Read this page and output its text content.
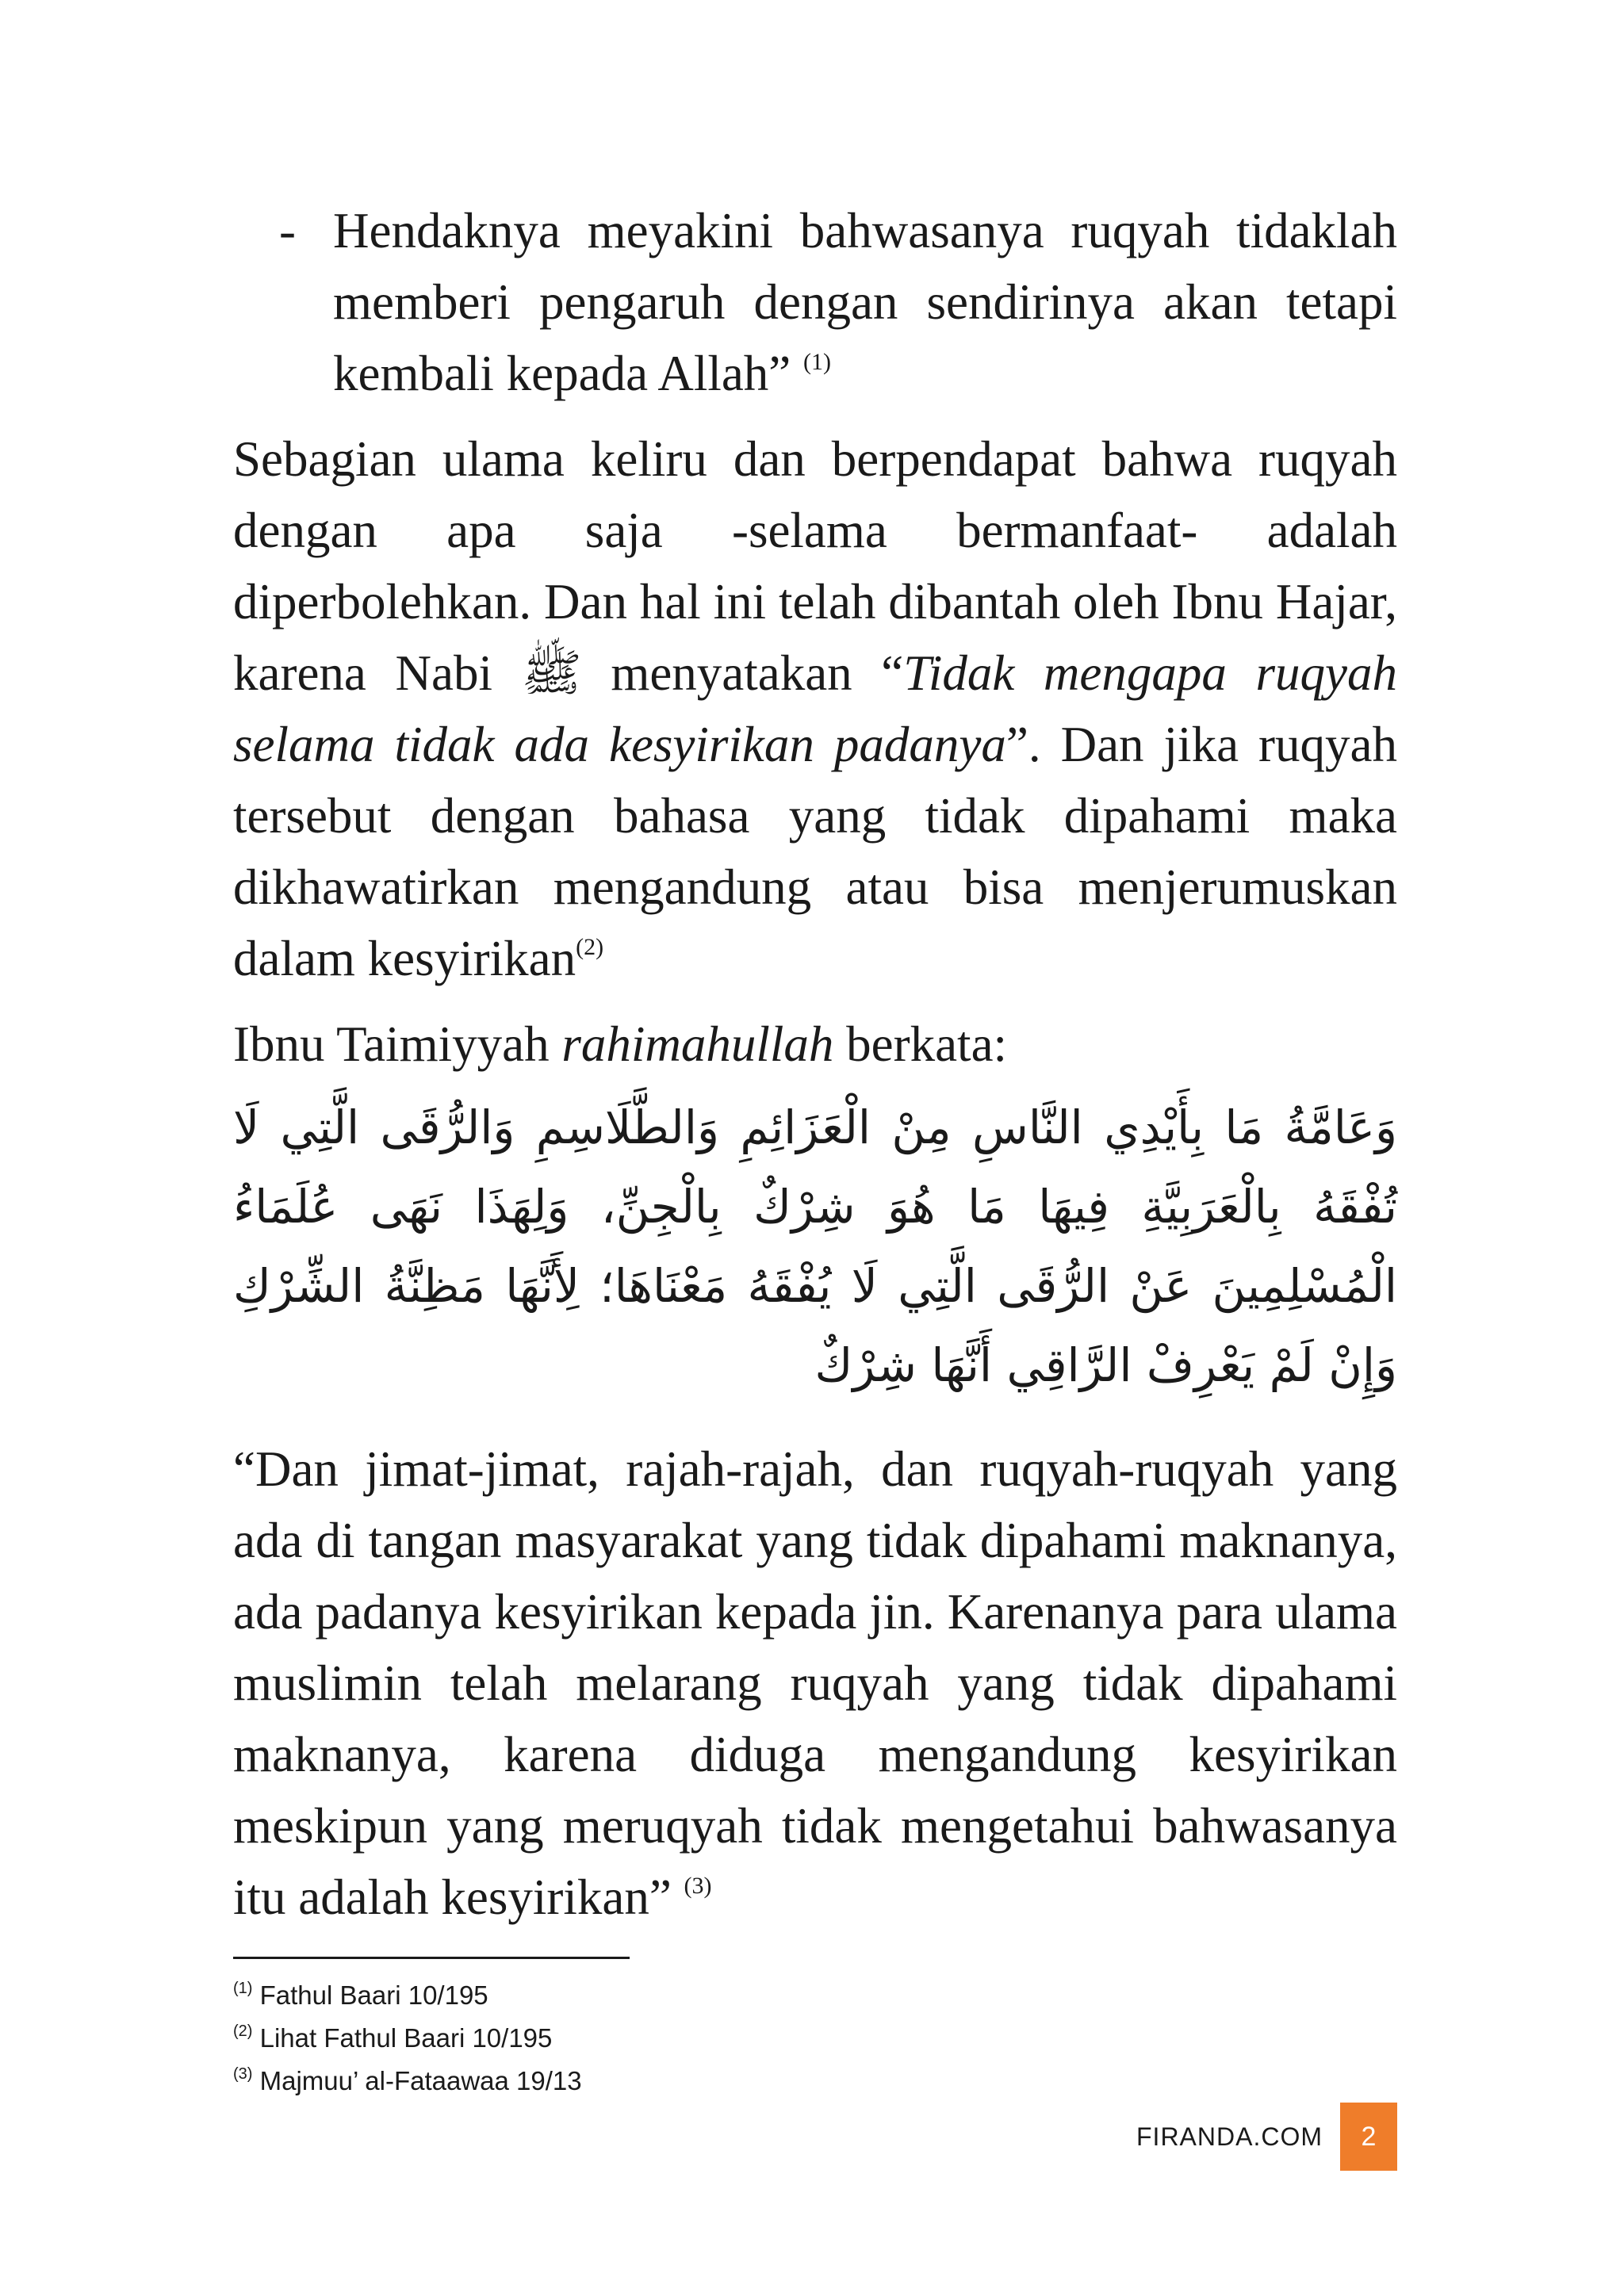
- Hendaknya meyakini bahwasanya ruqyah tidaklah memberi pengaruh dengan sendirinya akan tetapi kembali kepada Allah” $^{(1)}$

Sebagian ulama keliru dan berpendapat bahwa ruqyah dengan apa saja -selama bermanfaat- adalah diperbolehkan. Dan hal ini telah dibantah oleh Ibnu Hajar, karena Nabi ﷺ menyatakan “Tidak mengapa ruqyah selama tidak ada kesyirikan padanya”. Dan jika ruqyah tersebut dengan bahasa yang tidak dipahami maka dikhawatirkan mengandung atau bisa menjerumuskan dalam kesyirikan$^{(2)}$

Ibnu Taimiyyah rahimahullah berkata:

وَعَامَّةُ مَا بِأَيْدِي النَّاسِ مِنْ الْعَزَائِمِ وَالطَّلَاسِمِ وَالرُّقَى الَّتِي لَا تُفْقَهُ بِالْعَرَبِيَّةِ فِيهَا مَا هُوَ شِرْكٌ بِالْجِنِّ، وَلِهَذَا نَهَى عُلَمَاءُ الْمُسْلِمِينَ عَنْ الرُّقَى الَّتِي لَا يُفْقَهُ مَعْنَاهَا؛ لِأَنَّهَا مَظِنَّةُ الشِّرْكِ وَإِنْ لَمْ يَعْرِفْ الرَّاقِي أَنَّهَا شِرْكٌ

“Dan jimat-jimat, rajah-rajah, dan ruqyah-ruqyah yang ada di tangan masyarakat yang tidak dipahami maknanya, ada padanya kesyirikan kepada jin. Karenanya para ulama muslimin telah melarang ruqyah yang tidak dipahami maknanya, karena diduga mengandung kesyirikan meskipun yang meruqyah tidak mengetahui bahwasanya itu adalah kesyirikan” $^{(3)}$

$^{(1)}$ Fathul Baari 10/195
$^{(2)}$ Lihat Fathul Baari 10/195
$^{(3)}$ Majmuu’ al-Fataawaa 19/13
FIRANDA.COM	2
